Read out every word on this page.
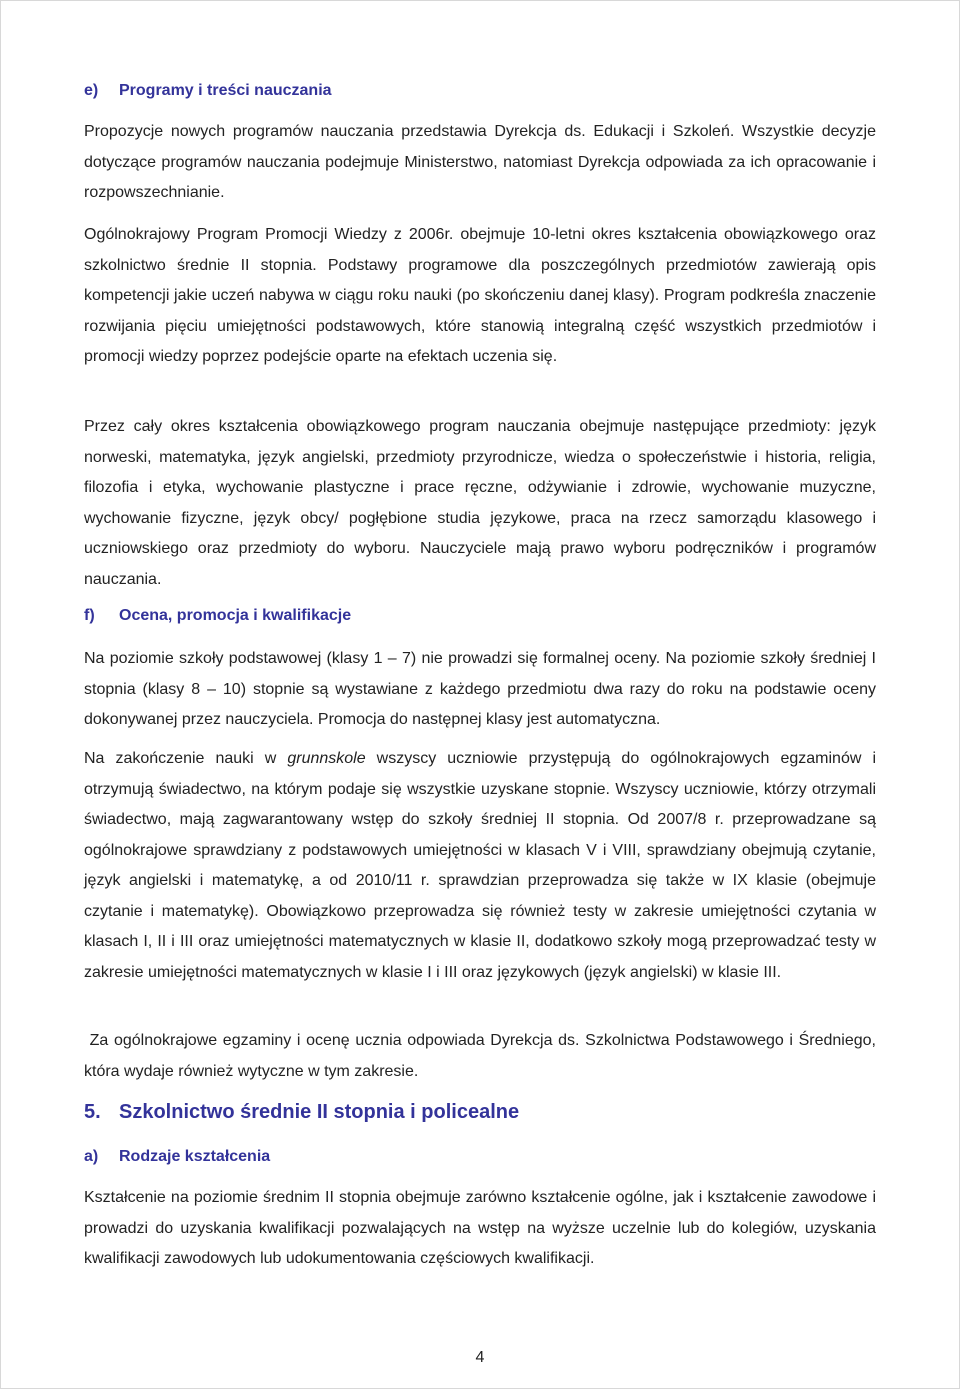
e) Programy i treści nauczania

Propozycje nowych programów nauczania przedstawia Dyrekcja ds. Edukacji i Szkoleń. Wszystkie decyzje dotyczące programów nauczania podejmuje Ministerstwo, natomiast Dyrekcja odpowiada za ich opracowanie i rozpowszechnianie.

Ogólnokrajowy Program Promocji Wiedzy z 2006r. obejmuje 10-letni okres kształcenia obowiązkowego oraz szkolnictwo średnie II stopnia. Podstawy programowe dla poszczególnych przedmiotów zawierają opis kompetencji jakie uczeń nabywa w ciągu roku nauki (po skończeniu danej klasy). Program podkreśla znaczenie rozwijania pięciu umiejętności podstawowych, które stanowią integralną część wszystkich przedmiotów i promocji wiedzy poprzez podejście oparte na efektach uczenia się.

Przez cały okres kształcenia obowiązkowego program nauczania obejmuje następujące przedmioty: język norweski, matematyka, język angielski, przedmioty przyrodnicze, wiedza o społeczeństwie i historia, religia, filozofia i etyka, wychowanie plastyczne i prace ręczne, odżywianie i zdrowie, wychowanie muzyczne, wychowanie fizyczne, język obcy/ pogłębione studia językowe, praca na rzecz samorządu klasowego i uczniowskiego oraz przedmioty do wyboru. Nauczyciele mają prawo wyboru podręczników i programów nauczania.

f) Ocena, promocja i kwalifikacje

Na poziomie szkoły podstawowej (klasy 1 – 7) nie prowadzi się formalnej oceny. Na poziomie szkoły średniej I stopnia (klasy 8 – 10) stopnie są wystawiane z każdego przedmiotu dwa razy do roku na podstawie oceny dokonywanej przez nauczyciela. Promocja do następnej klasy jest automatyczna.

Na zakończenie nauki w grunnskole wszyscy uczniowie przystępują do ogólnokrajowych egzaminów i otrzymują świadectwo, na którym podaje się wszystkie uzyskane stopnie. Wszyscy uczniowie, którzy otrzymali świadectwo, mają zagwarantowany wstęp do szkoły średniej II stopnia. Od 2007/8 r. przeprowadzane są ogólnokrajowe sprawdziany z podstawowych umiejętności w klasach V i VIII, sprawdziany obejmują czytanie, język angielski i matematykę, a od 2010/11 r. sprawdzian przeprowadza się także w IX klasie (obejmuje czytanie i matematykę). Obowiązkowo przeprowadza się również testy w zakresie umiejętności czytania w klasach I, II i III oraz umiejętności matematycznych w klasie II, dodatkowo szkoły mogą przeprowadzać testy w zakresie umiejętności matematycznych w klasie I i III oraz językowych (język angielski) w klasie III.

Za ogólnokrajowe egzaminy i ocenę ucznia odpowiada Dyrekcja ds. Szkolnictwa Podstawowego i Średniego, która wydaje również wytyczne w tym zakresie.

5. Szkolnictwo średnie II stopnia i policealne
a) Rodzaje kształcenia

Kształcenie na poziomie średnim II stopnia obejmuje zarówno kształcenie ogólne, jak i kształcenie zawodowe i prowadzi do uzyskania kwalifikacji pozwalających na wstęp na wyższe uczelnie lub do kolegiów, uzyskania kwalifikacji zawodowych lub udokumentowania częściowych kwalifikacji.

4
